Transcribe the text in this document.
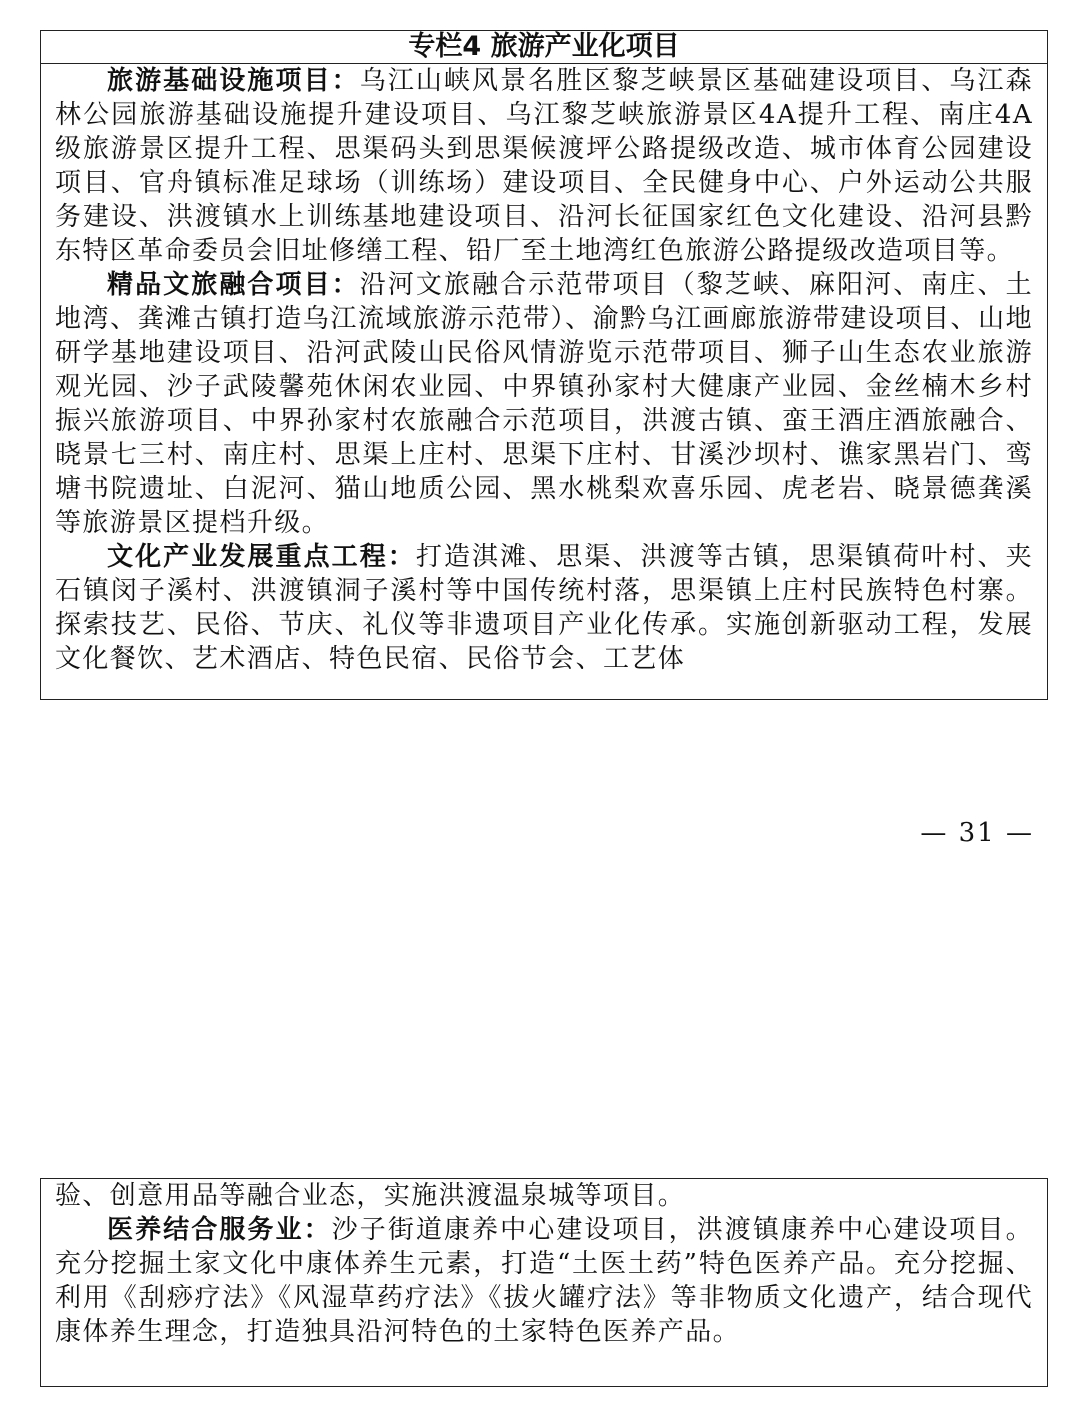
专栏4 旅游产业化项目

旅游基础设施项目：乌江山峡风景名胜区黎芝峡景区基础建设项目、乌江森林公园旅游基础设施提升建设项目、乌江黎芝峡旅游景区4A提升工程、南庄4A级旅游景区提升工程、思渠码头到思渠候渡坪公路提级改造、城市体育公园建设项目、官舟镇标准足球场（训练场）建设项目、全民健身中心、户外运动公共服务建设、洪渡镇水上训练基地建设项目、沿河长征国家红色文化建设、沿河县黔东特区革命委员会旧址修缮工程、铅厂至土地湾红色旅游公路提级改造项目等。

精品文旅融合项目：沿河文旅融合示范带项目（黎芝峡、麻阳河、南庄、土地湾、龚滩古镇打造乌江流域旅游示范带）、渝黔乌江画廊旅游带建设项目、山地研学基地建设项目、沿河武陵山民俗风情游览示范带项目、狮子山生态农业旅游观光园、沙子武陵馨苑休闲农业园、中界镇孙家村大健康产业园、金丝楠木乡村振兴旅游项目、中界孙家村农旅融合示范项目，洪渡古镇、蛮王酒庄酒旅融合、晓景七三村、南庄村、思渠上庄村、思渠下庄村、甘溪沙坝村、谯家黑岩门、鸾塘书院遗址、白泥河、猫山地质公园、黑水桃梨欢喜乐园、虎老岩、晓景德龚溪等旅游景区提档升级。

文化产业发展重点工程：打造淇滩、思渠、洪渡等古镇，思渠镇荷叶村、夹石镇闵子溪村、洪渡镇洞子溪村等中国传统村落，思渠镇上庄村民族特色村寨。探索技艺、民俗、节庆、礼仪等非遗项目产业化传承。实施创新驱动工程，发展文化餐饮、艺术酒店、特色民宿、民俗节会、工艺体

— 31 —

验、创意用品等融合业态，实施洪渡温泉城等项目。

医养结合服务业：沙子街道康养中心建设项目，洪渡镇康养中心建设项目。充分挖掘土家文化中康体养生元素，打造“土医土药”特色医养产品。充分挖掘、利用《刮痧疗法》《风湿草药疗法》《拔火罐疗法》等非物质文化遗产，结合现代康体养生理念，打造独具沿河特色的土家特色医养产品。
